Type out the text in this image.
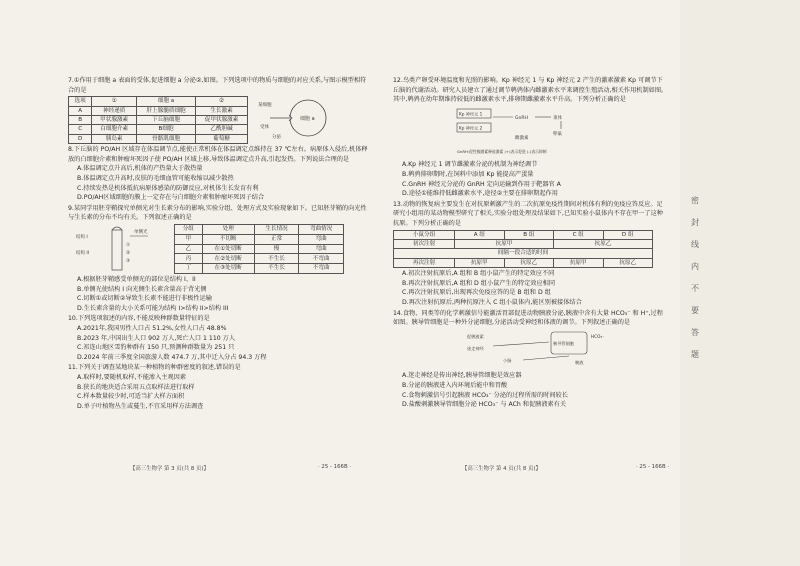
7.①作用于细胞 a 表面的受体,促进细胞 a 分泌②,如图。下列选项中的物质与细胞的对应关系,与图示模型相符合的是
选项	①	细胞 a	②
A	神经递质	肝上腺髓质细胞	生长激素
B	甲状腺激素	下丘脑细胞	促甲状腺激素
C	白细胞介素	B细胞	乙酰胆碱
D	胰岛素	骨骼肌细胞	葡萄糖
某细胞
受体
细胞 a
分泌
8.下丘脑的 PO/AH 区域存在体温调节点,能使正常机体在体温调定点维持在 37 ℃左右。病原体入侵后,机体释放的白细胞介素和肿瘤坏死因子使 PO/AH 区域上移,导致体温调定点升高,引起发热。下列说法合理的是
A.体温调定点升高后,机体的产热量大于散热量
B.体温调定点升高时,皮肤的毛细血管可能收缩以减少散热
C.持续发热是机体抵抗病原体感染的防御反应,对机体生长发育有利
D.PO/AH区域细胞的膜上一定存在与白细胞介素和肿瘤坏死因子结合
9.某同学用胚芽鞘探究单侧光对生长素分布的影响,实验分组、处理方式及实验现象如下。已知胚芽鞘的向光性与生长素的分布不均有关。下列叙述正确的是
单侧光
结构 I
结构 II
①
②
③
分组	处理	生长情况	弯曲情况
甲	不切断	正常	弯曲
乙	在①处切断	慢	弯曲
丙	在②处切断	不生长	不弯曲
丁	在③处切断	不生长	不弯曲
A.根据胚芽鞘感受单侧光的部位是结构 I、II
B.单侧光使结构 I 向光侧生长素含量高于背光侧
C.切断①或切断②导致生长素不能进行非极性运输
D.生长素含量的大小关系可能为结构 I>结构 II>结构 III
10.下列选项叙述的内容,不能反映种群数量特征的是
A.2021年,我国男性人口占 51.2%,女性人口占 48.8%
B.2023 年,中国出生人口 902 万人,死亡人口 1 110 万人
C.祁连山地区雪豹种群有 150 只,预测种群数量为 251 只
D.2024 年前三季度全国旅游人数 474.7 万,其中迁入分占 94.3 万程
11.下列关于调查某地块某一种植物的种群密度的叙述,错误的是
A.取样时,要随机取样,不能渗入主观因素
B.狭长的地块适合采用五点取样法进行取样
C.样本数量较少时,可适当扩大样方面积
D.单子叶植物丛生或蔓生,不宜采用样方法调查
12.鸟类产卵受环境温度和光照的影响。Kp 神经元 1 与 Kp 神经元 2 产生的激素激素 Kp 可调节下丘脑的代谢活动。研究人员建立了通过调节鹌鹑体内雌激素水平来调控生殖活动,相关作用机制如图。其中,鹌鹑在幼年期维持较低的雌激素水平,排卵期雌激素水平升高。下列分析正确的是
Kp 神经元 1
Kp 神经元 2
GnRH	垂体
卵巢
雌激素
GnRH:促性腺激素释放激素 (+)表示促进 (-)表示抑制
A.Kp 神经元 1 调节雌激素分泌的机制为神经调节
B.鹌鹑排卵期时,在饲料中添加 Kp 能提高产蛋量
C.GnRH 神经元分泌的 GnRH 定向运输到作用于靶器官 A
D.途径①能维持低雌激素水平,途径②主要在排卵期起作用
13.动物的恢复病主要发生在对抗原刺激产生的二次抗原免疫性期间对机体有利的免疫应答反应。足研究小组用的某动物模型研究了相关,实验分组处理及结果如下,已知实验小鼠体内不存在甲一了这种抗原。下列分析正确的是
小鼠分组	A 组	B 组	C 组	D 组
初次注射	抗原甲		抗原乙	
间隔一段合适的时间				
再次注射	抗原甲	抗原乙	抗原甲	抗原乙
A.初次注射抗原后,A 组和 B 组小鼠产生的特定效应不同
B.再次注射抗原后,A 组和 D 组小鼠产生的特定效应相同
C.再次注射抗原后,出现再次免疫应答的是 B 组和 D 组
D.再次注射抗原后,两种抗原注入 C 组小鼠体内,能区别被接体结合
14.食物、同类等的化学刺激信号能激活胃部促进动物胰液分泌,胰液中含有大量 HCO₃⁻ 和 H⁺,过程如图。胰导管细胞是一种外分泌细胞,分泌活动受神经和体液的调节。下列叙述正确的是
促胰液素
迷走神经
HCO₃⁻
胰导管细胞
小肠	胰液
A.迷走神经是传出神经,胰导管细胞是效应器
B.分泌的胰液进入内环境后能中和胃酸
C.食物刺激信号引起胰液 HCO₃⁻ 分泌的过程所需的时间较长
D.盐酸刺激胰导管细胞分泌 HCO₃⁻ 与 ACh 和促胰液素有关
【高三生物学 第 3 页(共 8 页)】	· 25 - 166B ·	【高三生物学 第 4 页(共 8 页)】	· 25 - 166B ·
密
封
线
内
不
要
答
题
